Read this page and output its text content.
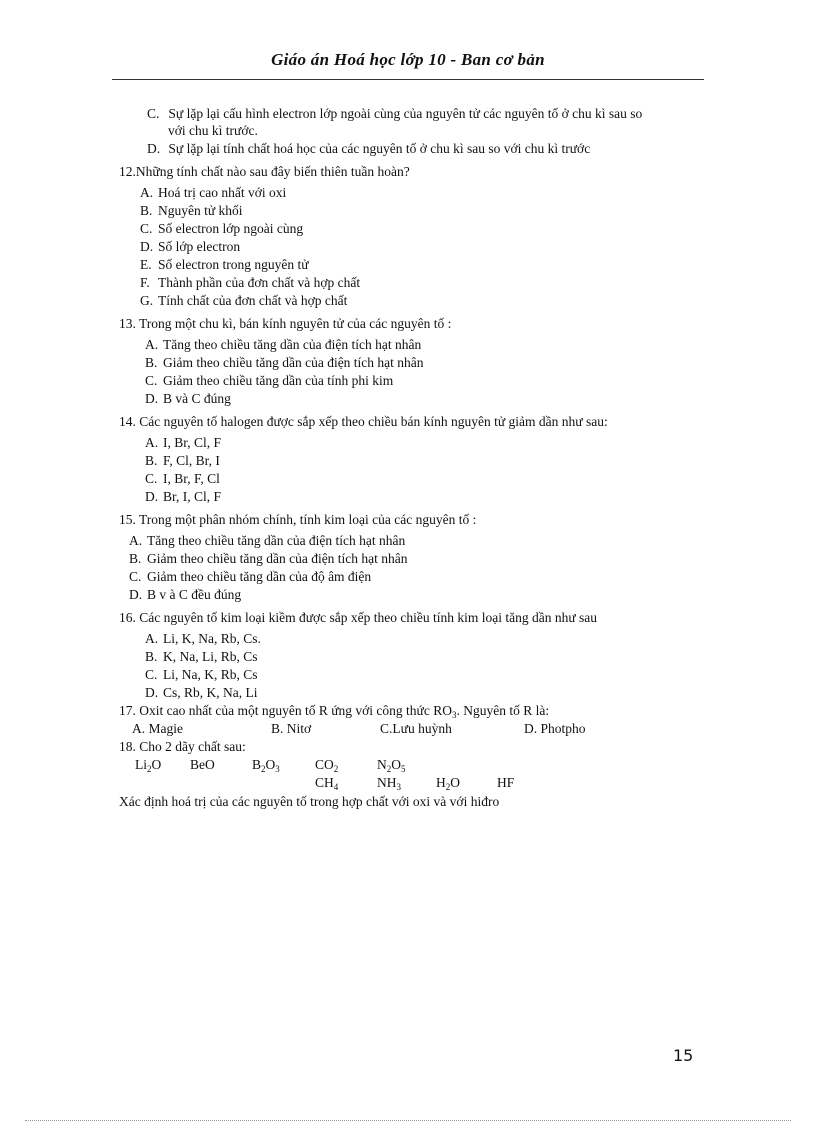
Giáo án Hoá học lớp 10 - Ban cơ bản
C. Sự lặp lại cấu hình electron lớp ngoài cùng của nguyên tử các nguyên tố ở chu kì sau so
với chu kì trước.
D. Sự lặp lại tính chất hoá học của các nguyên tố ở chu kì sau so với chu kì trước
12.Những tính chất nào sau đây biến thiên tuần hoàn?
A. Hoá trị cao nhất với oxi
B. Nguyên tử khối
C. Số electron lớp ngoài cùng
D. Số lớp electron
E. Số electron trong nguyên tử
F. Thành phần của đơn chất và hợp chất
G. Tính chất của đơn chất và hợp chất
13. Trong một chu kì, bán kính nguyên tử của các nguyên tố :
A. Tăng theo chiều tăng dần của điện tích hạt nhân
B. Giảm theo chiều tăng dần của điện tích hạt nhân
C. Giảm theo chiều tăng dần của tính phi kim
D. B và C đúng
14. Các nguyên tố halogen được sắp xếp theo chiều bán kính nguyên tử giảm dần như sau:
A. I, Br, Cl, F
B. F, Cl, Br, I
C. I, Br, F, Cl
D. Br, I, Cl, F
15. Trong một phân nhóm chính, tính kim loại của các nguyên tố :
A. Tăng theo chiều tăng dần của điện tích hạt nhân
B. Giảm theo chiều tăng dần của điện tích hạt nhân
C. Giảm theo chiều tăng dần của độ âm điện
D. B v à C đều đúng
16. Các nguyên tố kim loại kiềm được sắp xếp theo chiều tính kim loại tăng dần như sau
A. Li, K, Na, Rb, Cs.
B. K, Na, Li, Rb, Cs
C. Li, Na, K, Rb, Cs
D. Cs, Rb, K, Na, Li
17. Oxit cao nhất của một nguyên tố R ứng với công thức $RO_3$. Nguyên tố R là:
A. Magie	B. Nitơ	C.Lưu huỳnh	D. Photpho
18. Cho 2 dãy chất sau:
$Li_2O$ BeO	$B_2O_3$	$CO_2$	$N_2O_5$
$CH_4$	$NH_3$	$H_2O$	HF
Xác định hoá trị của các nguyên tố trong hợp chất với oxi và với hiđro
15
